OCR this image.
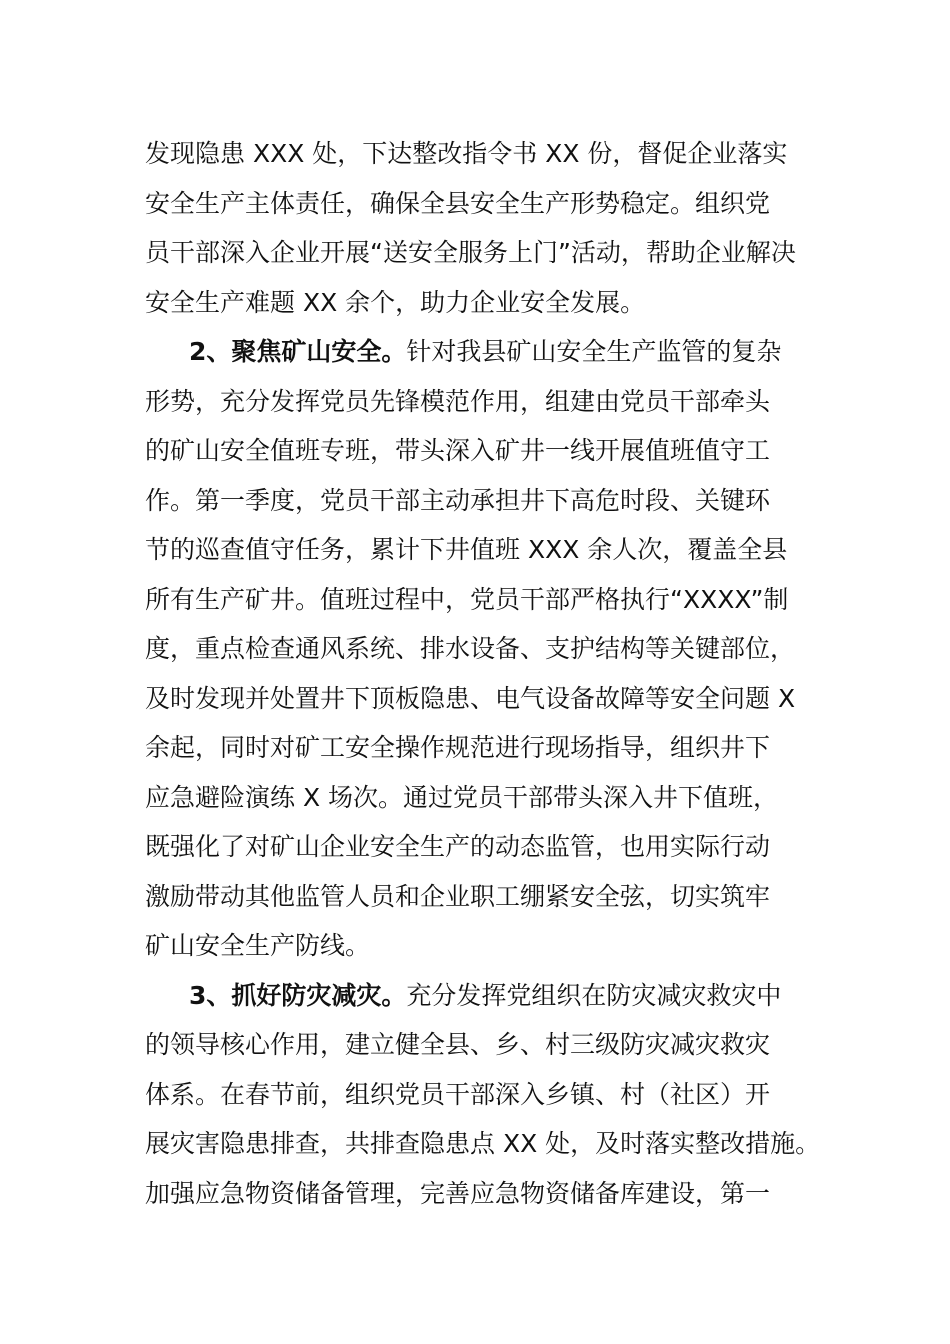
发现隐患 XXX 处，下达整改指令书 XX 份，督促企业落实
安全生产主体责任，确保全县安全生产形势稳定。组织党
员干部深入企业开展“送安全服务上门”活动，帮助企业解决
安全生产难题 XX 余个，助力企业安全发展。
2、聚焦矿山安全。针对我县矿山安全生产监管的复杂
形势，充分发挥党员先锋模范作用，组建由党员干部牵头
的矿山安全值班专班，带头深入矿井一线开展值班值守工
作。第一季度，党员干部主动承担井下高危时段、关键环
节的巡查值守任务，累计下井值班 XXX 余人次，覆盖全县
所有生产矿井。值班过程中，党员干部严格执行“XXXX”制
度，重点检查通风系统、排水设备、支护结构等关键部位，
及时发现并处置井下顶板隐患、电气设备故障等安全问题 X
余起，同时对矿工安全操作规范进行现场指导，组织井下
应急避险演练 X 场次。通过党员干部带头深入井下值班，
既强化了对矿山企业安全生产的动态监管，也用实际行动
激励带动其他监管人员和企业职工绷紧安全弦，切实筑牢
矿山安全生产防线。
3、抓好防灾减灾。充分发挥党组织在防灾减灾救灾中
的领导核心作用，建立健全县、乡、村三级防灾减灾救灾
体系。在春节前，组织党员干部深入乡镇、村（社区）开
展灾害隐患排查，共排查隐患点 XX 处，及时落实整改措施。
加强应急物资储备管理，完善应急物资储备库建设，第一
